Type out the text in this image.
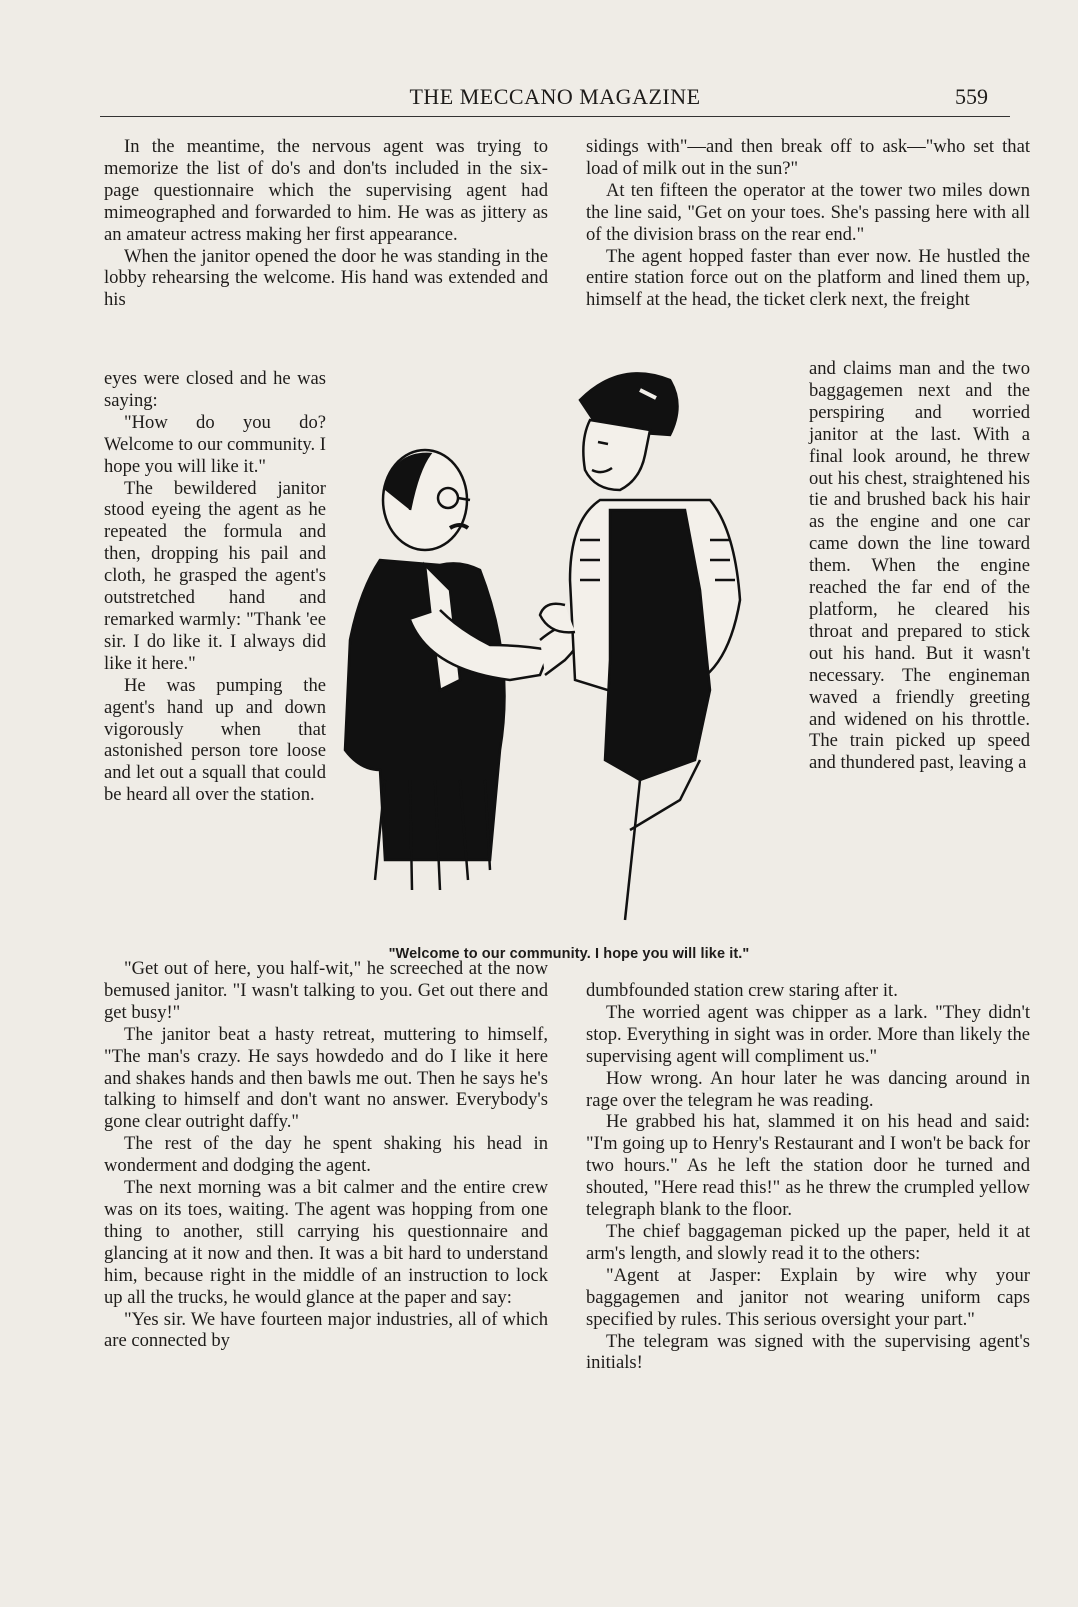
THE MECCANO MAGAZINE	559

In the meantime, the nervous agent was trying to memorize the list of do's and don'ts included in the six-page questionnaire which the supervising agent had mimeographed and forwarded to him. He was as jittery as an amateur actress making her first appearance.

When the janitor opened the door he was standing in the lobby rehearsing the welcome. His hand was extended and his

eyes were closed and he was saying:

"How do you do? Welcome to our community. I hope you will like it."

The bewildered janitor stood eyeing the agent as he repeated the formula and then, dropping his pail and cloth, he grasped the agent's outstretched hand and remarked warmly: "Thank 'ee sir. I do like it. I always did like it here."

He was pumping the agent's hand up and down vigorously when that astonished person tore loose and let out a squall that could be heard all over the station.

"Get out of here, you half-wit," he screeched at the now bemused janitor. "I wasn't talking to you. Get out there and get busy!"

The janitor beat a hasty retreat, muttering to himself, "The man's crazy. He says howdedo and do I like it here and shakes hands and then bawls me out. Then he says he's talking to himself and don't want no answer. Everybody's gone clear outright daffy."

The rest of the day he spent shaking his head in wonderment and dodging the agent.

The next morning was a bit calmer and the entire crew was on its toes, waiting. The agent was hopping from one thing to another, still carrying his questionnaire and glancing at it now and then. It was a bit hard to understand him, because right in the middle of an instruction to lock up all the trucks, he would glance at the paper and say:

"Yes sir. We have fourteen major industries, all of which are connected by

sidings with"—and then break off to ask—"who set that load of milk out in the sun?"

At ten fifteen the operator at the tower two miles down the line said, "Get on your toes. She's passing here with all of the division brass on the rear end."

The agent hopped faster than ever now. He hustled the entire station force out on the platform and lined them up, himself at the head, the ticket clerk next, the freight

and claims man and the two baggagemen next and the perspiring and worried janitor at the last. With a final look around, he threw out his chest, straightened his tie and brushed back his hair as the engine and one car came down the line toward them. When the engine reached the far end of the platform, he cleared his throat and prepared to stick out his hand. But it wasn't necessary. The engineman waved a friendly greeting and widened on his throttle. The train picked up speed and thundered past, leaving a

dumbfounded station crew staring after it.

The worried agent was chipper as a lark. "They didn't stop. Everything in sight was in order. More than likely the supervising agent will compliment us."

How wrong. An hour later he was dancing around in rage over the telegram he was reading.

He grabbed his hat, slammed it on his head and said: "I'm going up to Henry's Restaurant and I won't be back for two hours." As he left the station door he turned and shouted, "Here read this!" as he threw the crumpled yellow telegraph blank to the floor.

The chief baggageman picked up the paper, held it at arm's length, and slowly read it to the others:

"Agent at Jasper: Explain by wire why your baggagemen and janitor not wearing uniform caps specified by rules. This serious oversight your part."

The telegram was signed with the supervising agent's initials!

"Welcome to our community. I hope you will like it."
